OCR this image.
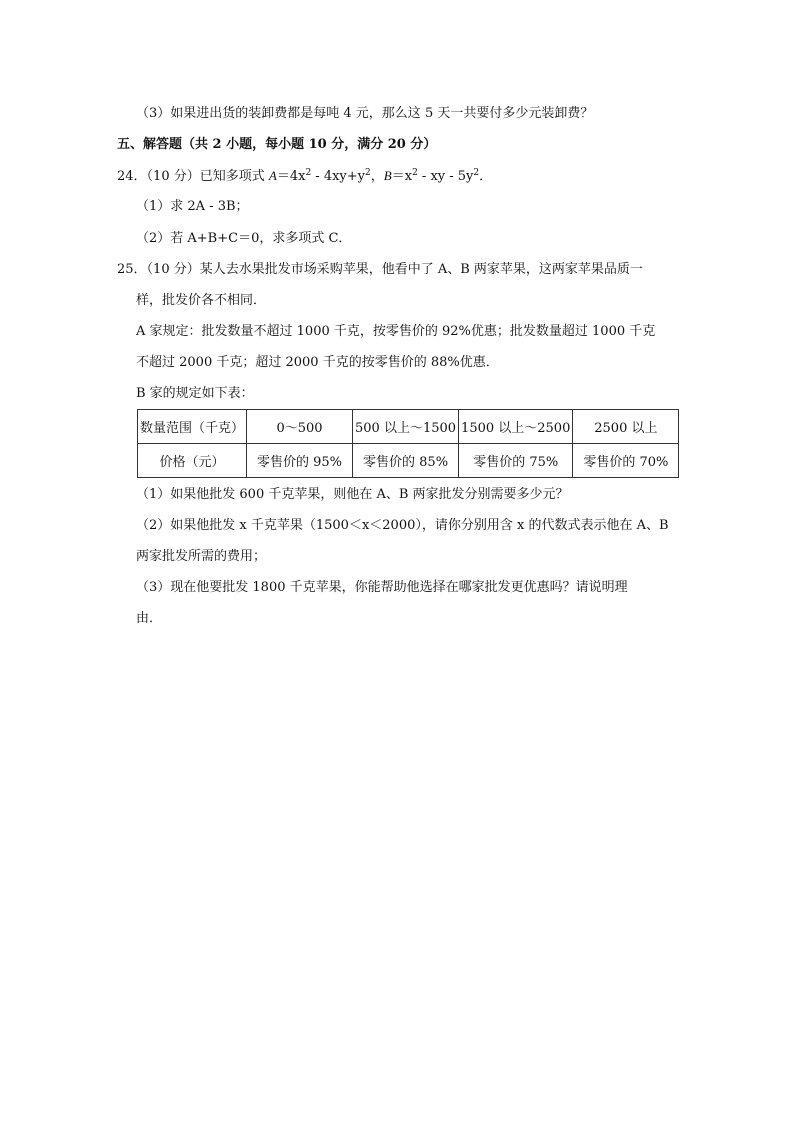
（3）如果进出货的装卸费都是每吨 4 元，那么这 5 天一共要付多少元装卸费？
五、解答题（共 2 小题，每小题 10 分，满分 20 分）
24．（10 分）已知多项式 $A=4x^2 - 4xy+y^2$，$B=x^2$ - xy - $5y^2$．
（1）求 2A - 3B；
（2）若 A+B+C＝0，求多项式 C．
25．（10 分）某人去水果批发市场采购苹果，他看中了 A、B 两家苹果，这两家苹果品质一
样，批发价各不相同．
A 家规定：批发数量不超过 1000 千克，按零售价的 92%优惠；批发数量超过 1000 千克
不超过 2000 千克；超过 2000 千克的按零售价的 88%优惠．
B 家的规定如下表：
数量范围（千克）	0～500	500 以上～1500	1500 以上～2500	2500 以上
价格（元）	零售价的 95%	零售价的 85%	零售价的 75%	零售价的 70%
（1）如果他批发 600 千克苹果，则他在 A、B 两家批发分别需要多少元？
（2）如果他批发 x 千克苹果（1500＜x＜2000），请你分别用含 x 的代数式表示他在 A、B
两家批发所需的费用；
（3）现在他要批发 1800 千克苹果，你能帮助他选择在哪家批发更优惠吗？请说明理
由．
